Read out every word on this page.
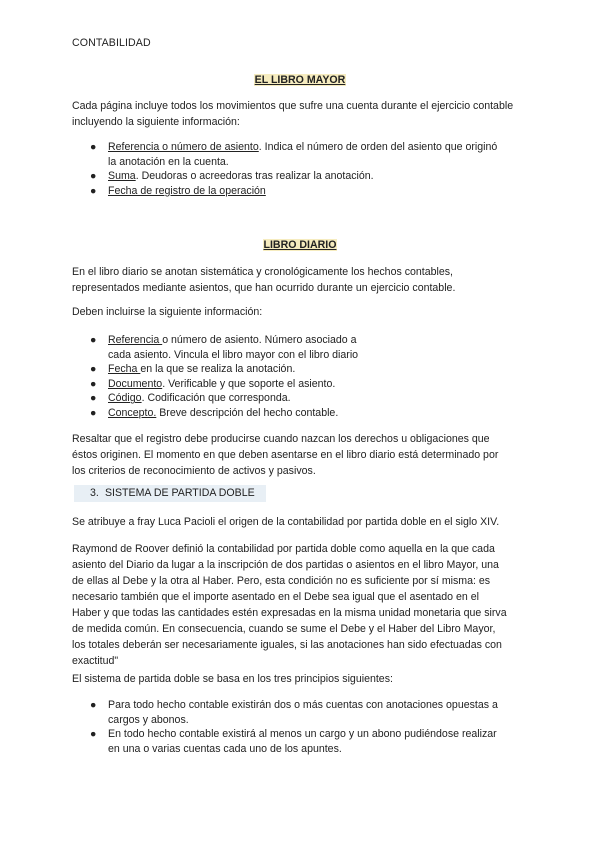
CONTABILIDAD
EL LIBRO MAYOR

Cada página incluye todos los movimientos que sufre una cuenta durante el ejercicio contable incluyendo la siguiente información:

● Referencia o número de asiento. Indica el número de orden del asiento que originó
la anotación en la cuenta.
● Suma. Deudoras o acreedoras tras realizar la anotación.
● Fecha de registro de la operación
LIBRO DIARIO

En el libro diario se anotan sistemática y cronológicamente los hechos contables,
representados mediante asientos, que han ocurrido durante un ejercicio contable.

Deben incluirse la siguiente información:

● Referencia o número de asiento. Número asociado a
cada asiento. Vincula el libro mayor con el libro diario
● Fecha en la que se realiza la anotación.
● Documento. Verificable y que soporte el asiento.
● Código. Codificación que corresponda.
● Concepto. Breve descripción del hecho contable.

Resaltar que el registro debe producirse cuando nazcan los derechos u obligaciones que
éstos originen. El momento en que deben asentarse en el libro diario está determinado por
los criterios de reconocimiento de activos y pasivos.

3. SISTEMA DE PARTIDA DOBLE

Se atribuye a fray Luca Pacioli el origen de la contabilidad por partida doble en el siglo XIV.

Raymond de Roover definió la contabilidad por partida doble como aquella en la que cada
asiento del Diario da lugar a la inscripción de dos partidas o asientos en el libro Mayor, una
de ellas al Debe y la otra al Haber. Pero, esta condición no es suficiente por sí misma: es
necesario también que el importe asentado en el Debe sea igual que el asentado en el
Haber y que todas las cantidades estén expresadas en la misma unidad monetaria que sirva
de medida común. En consecuencia, cuando se sume el Debe y el Haber del Libro Mayor,
los totales deberán ser necesariamente iguales, si las anotaciones han sido efectuadas con
exactitud"

El sistema de partida doble se basa en los tres principios siguientes:

● Para todo hecho contable existirán dos o más cuentas con anotaciones opuestas a
cargos y abonos.
● En todo hecho contable existirá al menos un cargo y un abono pudiéndose realizar
en una o varias cuentas cada uno de los apuntes.
